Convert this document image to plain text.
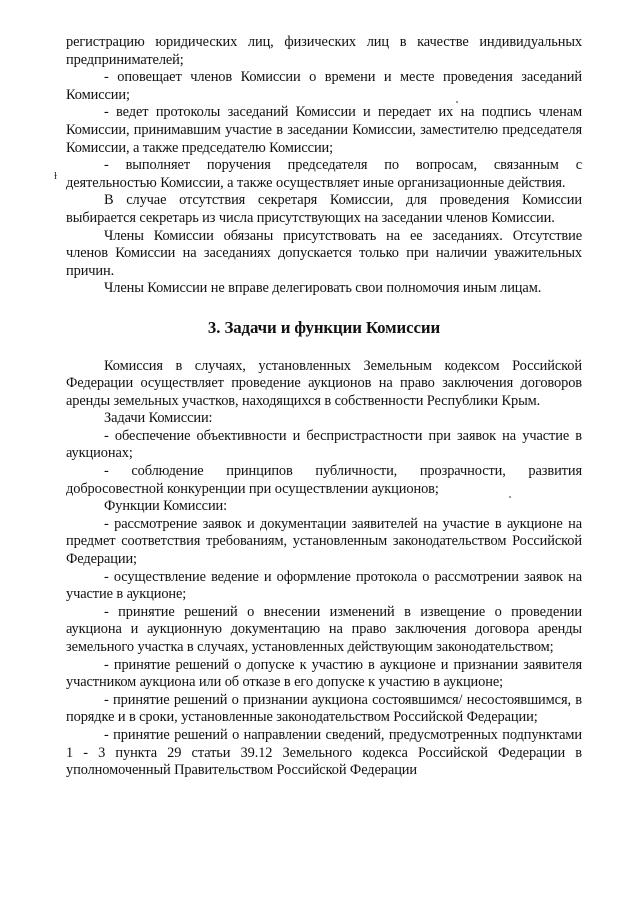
ɫ

регистрацию юридических лиц, физических лиц в качестве индивидуальных предпринимателей;

- оповещает членов Комиссии о времени и месте проведения заседаний Комиссии;

- ведет протоколы заседаний Комиссии и передает их на подпись членам Комиссии, принимавшим участие в заседании Комиссии, заместителю председателя Комиссии, а также председателю Комиссии;

- выполняет поручения председателя по вопросам, связанным с деятельностью Комиссии, а также осуществляет иные организационные действия.

В случае отсутствия секретаря Комиссии, для проведения Комиссии выбирается секретарь из числа присутствующих на заседании членов Комиссии.

Члены Комиссии обязаны присутствовать на ее заседаниях. Отсутствие членов Комиссии на заседаниях допускается только при наличии уважительных причин.

Члены Комиссии не вправе делегировать свои полномочия иным лицам.

3. Задачи и функции Комиссии

Комиссия в случаях, установленных Земельным кодексом Российской Федерации осуществляет проведение аукционов на право заключения договоров аренды земельных участков, находящихся в собственности Республики Крым.

Задачи Комиссии:

- обеспечение объективности и беспристрастности при заявок на участие в аукционах;

- соблюдение принципов публичности, прозрачности, развития добросовестной конкуренции при осуществлении аукционов;

Функции Комиссии:

- рассмотрение заявок и документации заявителей на участие в аукционе на предмет соответствия требованиям, установленным законодательством Российской Федерации;

- осуществление ведение и оформление протокола о рассмотрении заявок на участие в аукционе;

- принятие решений о внесении изменений в извещение о проведении аукциона и аукционную документацию на право заключения договора аренды земельного участка в случаях, установленных действующим законодательством;

- принятие решений о допуске к участию в аукционе и признании заявителя участником аукциона или об отказе в его допуске к участию в аукционе;

- принятие решений о признании аукциона состоявшимся/ несостоявшимся, в порядке и в сроки, установленные законодательством Российской Федерации;

- принятие решений о направлении сведений, предусмотренных подпунктами 1 - 3 пункта 29 статьи 39.12 Земельного кодекса Российской Федерации в уполномоченный Правительством Российской Федерации
